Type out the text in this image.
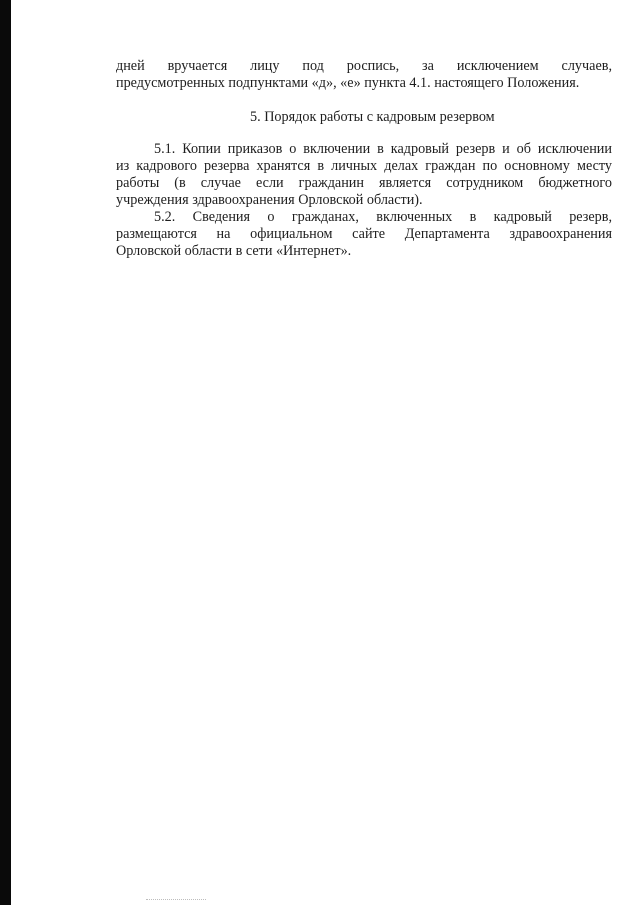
дней вручается лицу под роспись, за исключением случаев,
предусмотренных подпунктами «д», «е» пункта 4.1. настоящего Положения.
5. Порядок работы с кадровым резервом
5.1. Копии приказов о включении в кадровый резерв и об исключении
из кадрового резерва хранятся в личных делах граждан по основному месту
работы (в случае если гражданин является сотрудником бюджетного
учреждения здравоохранения Орловской области).
5.2. Сведения о гражданах, включенных в кадровый резерв,
размещаются на официальном сайте Департамента здравоохранения
Орловской области в сети «Интернет».
